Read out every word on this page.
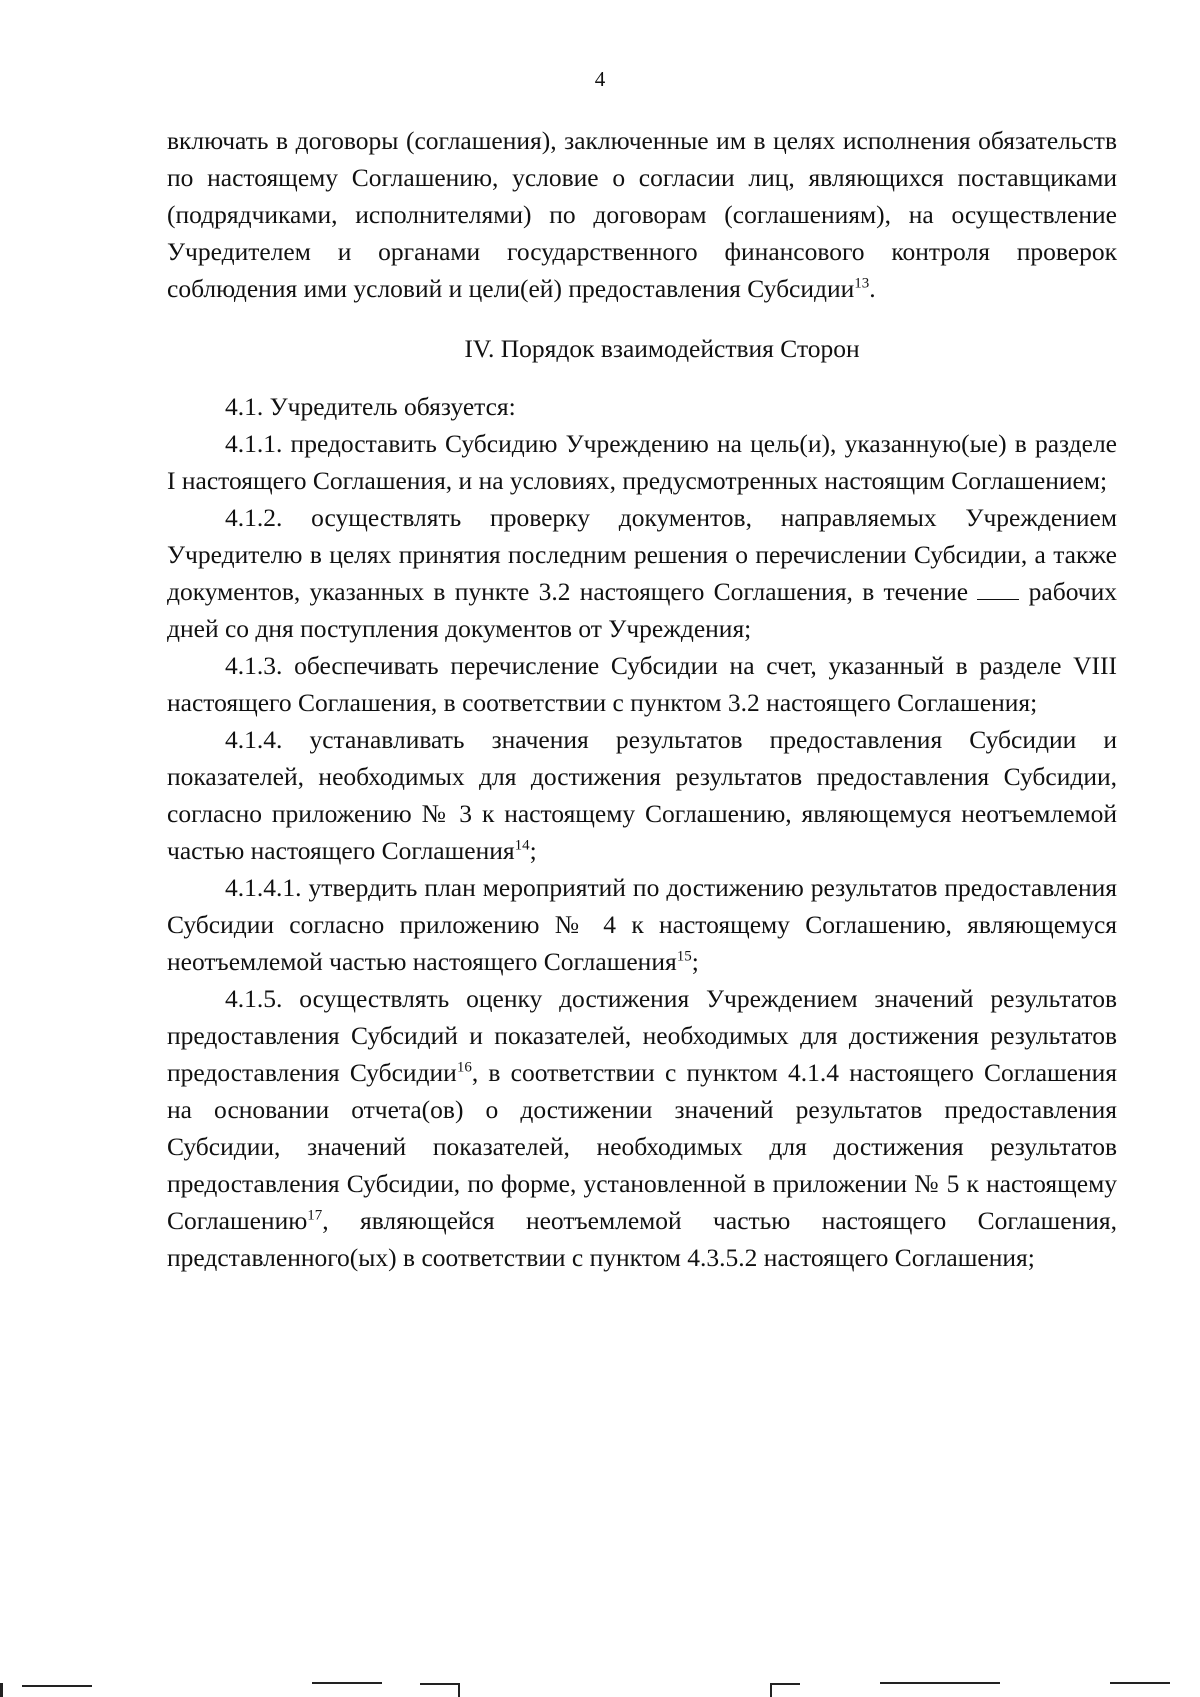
4

включать в договоры (соглашения), заключенные им в целях исполнения обязательств по настоящему Соглашению, условие о согласии лиц, являющихся поставщиками (подрядчиками, исполнителями) по договорам (соглашениям), на осуществление Учредителем и органами государственного финансового контроля проверок соблюдения ими условий и цели(ей) предоставления Субсидии$^{13}$.

IV. Порядок взаимодействия Сторон

4.1. Учредитель обязуется:

4.1.1. предоставить Субсидию Учреждению на цель(и), указанную(ые) в разделе I настоящего Соглашения, и на условиях, предусмотренных настоящим Соглашением;

4.1.2. осуществлять проверку документов, направляемых Учреждением Учредителю в целях принятия последним решения о перечислении Субсидии, а также документов, указанных в пункте 3.2 настоящего Соглашения, в течение рабочих дней со дня поступления документов от Учреждения;

4.1.3. обеспечивать перечисление Субсидии на счет, указанный в разделе VIII настоящего Соглашения, в соответствии с пунктом 3.2 настоящего Соглашения;

4.1.4. устанавливать значения результатов предоставления Субсидии и показателей, необходимых для достижения результатов предоставления Субсидии, согласно приложению № 3 к настоящему Соглашению, являющемуся неотъемлемой частью настоящего Соглашения$^{14}$;

4.1.4.1. утвердить план мероприятий по достижению результатов предоставления Субсидии согласно приложению № 4 к настоящему Соглашению, являющемуся неотъемлемой частью настоящего Соглашения$^{15}$;

4.1.5. осуществлять оценку достижения Учреждением значений результатов предоставления Субсидий и показателей, необходимых для достижения результатов предоставления Субсидии$^{16}$, в соответствии с пунктом 4.1.4 настоящего Соглашения на основании отчета(ов) о достижении значений результатов предоставления Субсидии, значений показателей, необходимых для достижения результатов предоставления Субсидии, по форме, установленной в приложении № 5 к настоящему Соглашению$^{17}$, являющейся неотъемлемой частью настоящего Соглашения, представленного(ых) в соответствии с пунктом 4.3.5.2 настоящего Соглашения;
